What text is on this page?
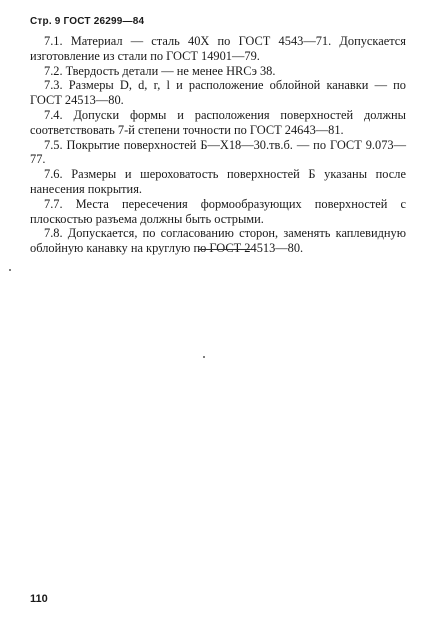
Стр. 9 ГОСТ 26299—84

7.1. Материал — сталь 40Х по ГОСТ 4543—71. Допускается изготовление из стали по ГОСТ 14901—79.

7.2. Твердость детали — не менее HRCэ 38.

7.3. Размеры D, d, r, l и расположение облойной канавки — по ГОСТ 24513—80.

7.4. Допуски формы и расположения поверхностей должны соответствовать 7-й степени точности по ГОСТ 24643—81.

7.5. Покрытие поверхностей Б—Х18—30.тв.б. — по ГОСТ 9.073—77.

7.6. Размеры и шероховатость поверхностей Б указаны после нанесения покрытия.

7.7. Места пересечения формообразующих поверхностей с плоскостью разъема должны быть острыми.

7.8. Допускается, по согласованию сторон, заменять каплевидную облойную канавку на круглую по ГОСТ 24513—80.

110
